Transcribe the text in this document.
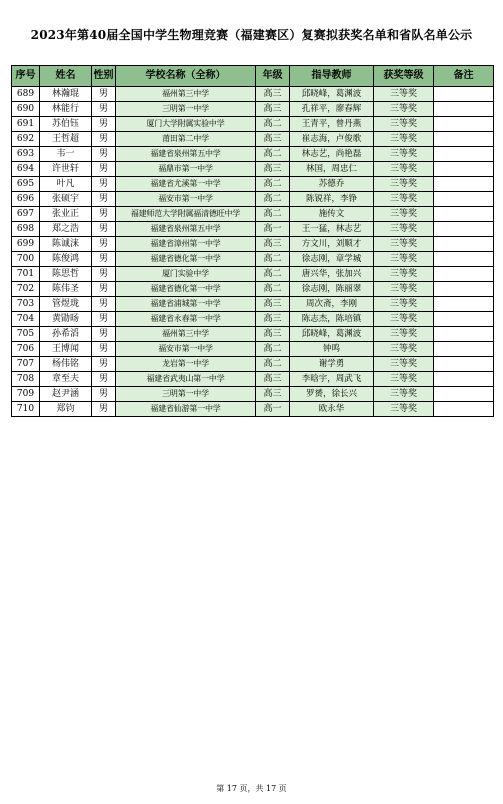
2023年第40届全国中学生物理竞赛（福建赛区）复赛拟获奖名单和省队名单公示
序号	姓名	性别	学校名称（全称）	年级	指导教师	获奖等级	备注
689	林瀚琨	男	福州第三中学	高三	邱晓峰，葛渊波	三等奖	
690	林能行	男	三明第一中学	高三	孔祥平，廖春辉	三等奖	
691	苏伯钰	男	厦门大学附属实验中学	高二	王青平，曾丹燕	三等奖	
692	王哲超	男	莆田第二中学	高三	崔志海，卢俊歌	三等奖	
693	韦一	男	福建省泉州第五中学	高二	林志艺，尚艳磊	三等奖	
694	许世轩	男	福鼎市第一中学	高三	林国，周忠仁	三等奖	
695	叶凡	男	福建省尤溪第一中学	高二	苏德乔	三等奖	
696	张硕宇	男	福安市第一中学	高二	陈锐祥，李铮	三等奖	
697	张业正	男	福建师范大学附属福清德旺中学	高二	施传文	三等奖	
698	郑之浩	男	福建省泉州第五中学	高一	王一猛，林志艺	三等奖	
699	陈诚涞	男	福建省漳州第一中学	高三	方文川，刘顺才	三等奖	
700	陈俊鸿	男	福建省德化第一中学	高二	徐志刚，章学城	三等奖	
701	陈思哲	男	厦门实验中学	高二	唐兴华，张加兴	三等奖	
702	陈伟圣	男	福建省德化第一中学	高二	徐志刚，陈丽翠	三等奖	
703	管煜珑	男	福建省浦城第一中学	高三	周次斋，李刚	三等奖	
704	黄勖旸	男	福建省永春第一中学	高三	陈志杰，陈培镇	三等奖	
705	孙希滔	男	福州第三中学	高三	邱晓峰，葛渊波	三等奖	
706	王博闻	男	福安市第一中学	高二	钟鸣	三等奖	
707	杨伟铭	男	龙岩第一中学	高二	谢学勇	三等奖	
708	章至夫	男	福建省武夷山第一中学	高三	李晗宇，周武飞	三等奖	
709	赵尹涵	男	三明第一中学	高三	罗赟，徐长兴	三等奖	
710	郑钧	男	福建省仙游第一中学	高一	欧永华	三等奖	
第 17 页，共 17 页
